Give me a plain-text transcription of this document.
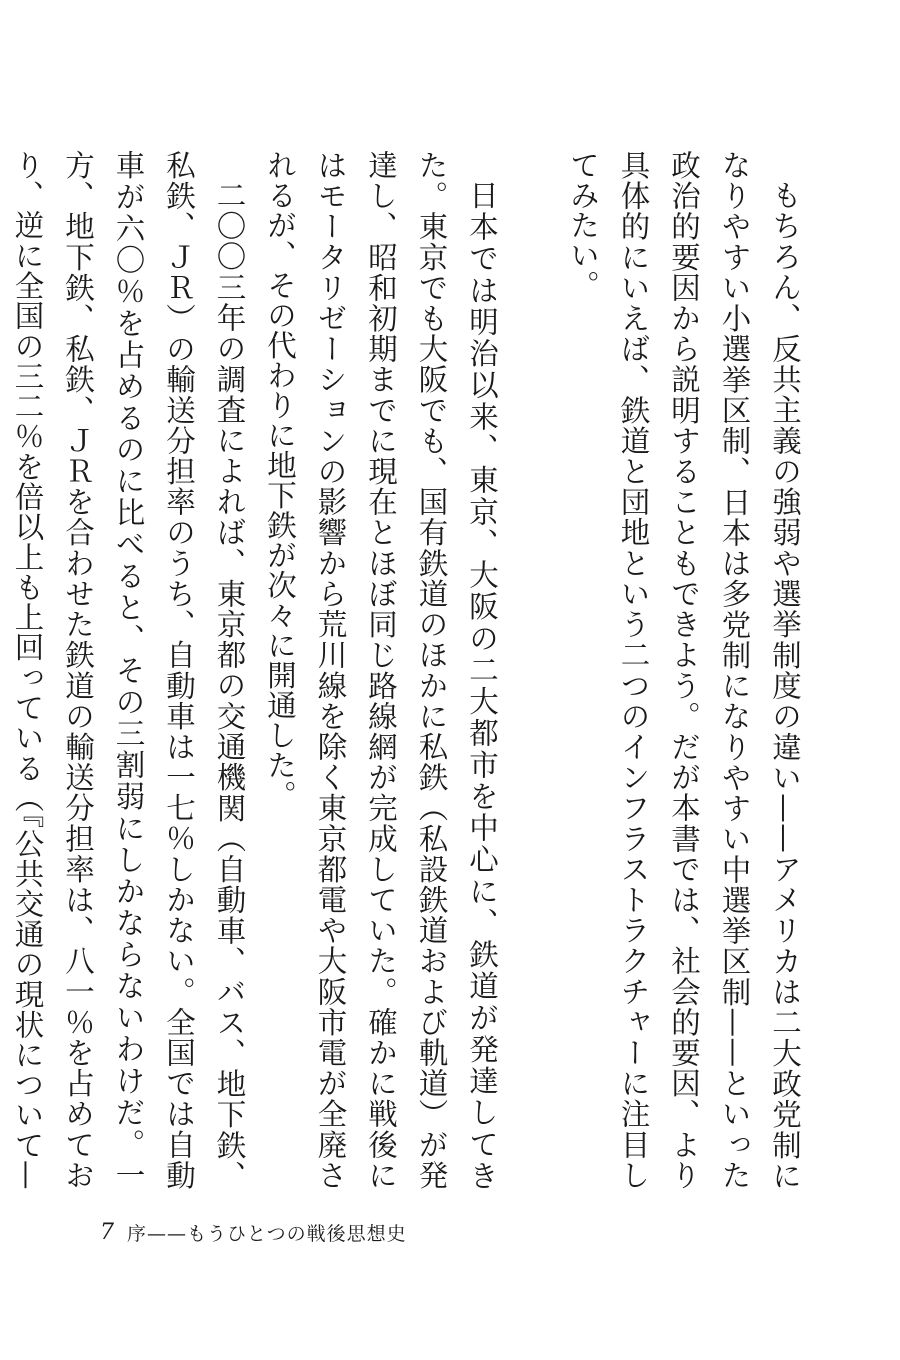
もちろん、反共主義の強弱や選挙制度の違い——アメリカは二大政党制になりやすい小選挙区制、日本は多党制になりやすい中選挙区制——といった政治的要因から説明することもできよう。だが本書では、社会的要因、より具体的にいえば、鉄道と団地という二つのインフラストラクチャーに注目してみたい。

日本では明治以来、東京、大阪の二大都市を中心に、鉄道が発達してきた。東京でも大阪でも、国有鉄道のほかに私鉄（私設鉄道および軌道）が発達し、昭和初期までに現在とほぼ同じ路線網が完成していた。確かに戦後にはモータリゼーションの影響から荒川線を除く東京都電や大阪市電が全廃されるが、その代わりに地下鉄が次々に開通した。

二〇〇三年の調査によれば、東京都の交通機関（自動車、バス、地下鉄、私鉄、ＪＲ）の輸送分担率のうち、自動車は一七％しかない。全国では自動車が六〇％を占めるのに比べると、その三割弱にしかならないわけだ。一方、地下鉄、私鉄、ＪＲを合わせた鉄道の輸送分担率は、八一％を占めており、逆に全国の三二％を倍以上も上回っている（『公共交通の現状について—

7 序——もうひとつの戦後思想史
